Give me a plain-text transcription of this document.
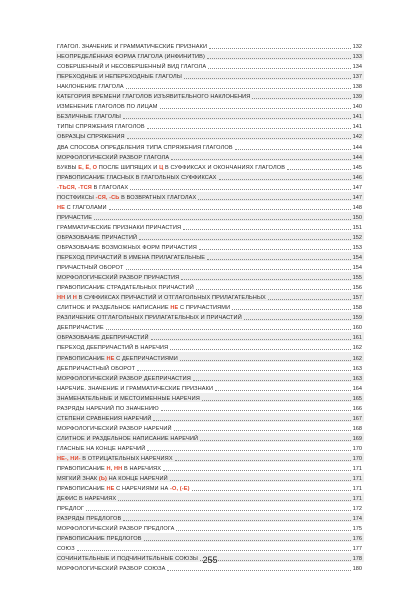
ГЛАГОЛ. ЗНАЧЕНИЕ И ГРАММАТИЧЕСКИЕ ПРИЗНАКИ	132
НЕОПРЕДЕЛЁННАЯ ФОРМА ГЛАГОЛА (ИНФИНИТИВ)	133
СОВЕРШЕННЫЙ И НЕСОВЕРШЕННЫЙ ВИД ГЛАГОЛА	134
ПЕРЕХОДНЫЕ И НЕПЕРЕХОДНЫЕ ГЛАГОЛЫ	137
НАКЛОНЕНИЕ ГЛАГОЛА	138
КАТЕГОРИЯ ВРЕМЕНИ ГЛАГОЛОВ ИЗЪЯВИТЕЛЬНОГО НАКЛОНЕНИЯ	139
ИЗМЕНЕНИЕ ГЛАГОЛОВ ПО ЛИЦАМ	140
БЕЗЛИЧНЫЕ ГЛАГОЛЫ	141
ТИПЫ СПРЯЖЕНИЯ ГЛАГОЛОВ	141
ОБРАЗЦЫ СПРЯЖЕНИЯ	142
ДВА СПОСОБА ОПРЕДЕЛЕНИЯ ТИПА СПРЯЖЕНИЯ ГЛАГОЛОВ	144
МОРФОЛОГИЧЕСКИЙ РАЗБОР ГЛАГОЛА	144
БУКВЫ Е, Ё, О ПОСЛЕ ШИПЯЩИХ И Ц В СУФФИКСАХ И ОКОНЧАНИЯХ ГЛАГОЛОВ	145
ПРАВОПИСАНИЕ ГЛАСНЫХ В ГЛАГОЛЬНЫХ СУФФИКСАХ	146
-ТЬСЯ, -ТСЯ В ГЛАГОЛАХ	147
ПОСТФИКСЫ -СЯ, -СЬ В ВОЗВРАТНЫХ ГЛАГОЛАХ	147
НЕ С ГЛАГОЛАМИ	148
ПРИЧАСТИЕ	150
ГРАММАТИЧЕСКИЕ ПРИЗНАКИ ПРИЧАСТИЯ	151
ОБРАЗОВАНИЕ ПРИЧАСТИЙ	152
ОБРАЗОВАНИЕ ВОЗМОЖНЫХ ФОРМ ПРИЧАСТИЯ	153
ПЕРЕХОД ПРИЧАСТИЙ В ИМЕНА ПРИЛАГАТЕЛЬНЫЕ	154
ПРИЧАСТНЫЙ ОБОРОТ	154
МОРФОЛОГИЧЕСКИЙ РАЗБОР ПРИЧАСТИЯ	155
ПРАВОПИСАНИЕ СТРАДАТЕЛЬНЫХ ПРИЧАСТИЙ	156
НН И Н В СУФФИКСАХ ПРИЧАСТИЙ И ОТГЛАГОЛЬНЫХ ПРИЛАГАТЕЛЬНЫХ	157
СЛИТНОЕ И РАЗДЕЛЬНОЕ НАПИСАНИЕ НЕ С ПРИЧАСТИЯМИ	158
РАЗЛИЧЕНИЕ ОТГЛАГОЛЬНЫХ ПРИЛАГАТЕЛЬНЫХ И ПРИЧАСТИЙ	159
ДЕЕПРИЧАСТИЕ	160
ОБРАЗОВАНИЕ ДЕЕПРИЧАСТИЙ	161
ПЕРЕХОД ДЕЕПРИЧАСТИЙ В НАРЕЧИЯ	162
ПРАВОПИСАНИЕ НЕ С ДЕЕПРИЧАСТИЯМИ	162
ДЕЕПРИЧАСТНЫЙ ОБОРОТ	163
МОРФОЛОГИЧЕСКИЙ РАЗБОР ДЕЕПРИЧАСТИЯ	163
НАРЕЧИЕ. ЗНАЧЕНИЕ И ГРАММАТИЧЕСКИЕ ПРИЗНАКИ	164
ЗНАМЕНАТЕЛЬНЫЕ И МЕСТОИМЕННЫЕ НАРЕЧИЯ	165
РАЗРЯДЫ НАРЕЧИЙ ПО ЗНАЧЕНИЮ	166
СТЕПЕНИ СРАВНЕНИЯ НАРЕЧИЙ	167
МОРФОЛОГИЧЕСКИЙ РАЗБОР НАРЕЧИЙ	168
СЛИТНОЕ И РАЗДЕЛЬНОЕ НАПИСАНИЕ НАРЕЧИЙ	169
ГЛАСНЫЕ НА КОНЦЕ НАРЕЧИЙ	170
НЕ-, НИ- В ОТРИЦАТЕЛЬНЫХ НАРЕЧИЯХ	170
ПРАВОПИСАНИЕ Н, НН В НАРЕЧИЯХ	171
МЯГКИЙ ЗНАК (Ь) НА КОНЦЕ НАРЕЧИЙ	171
ПРАВОПИСАНИЕ НЕ С НАРЕЧИЯМИ НА -О, (-Е)	171
ДЕФИС В НАРЕЧИЯХ	171
ПРЕДЛОГ	172
РАЗРЯДЫ ПРЕДЛОГОВ	174
МОРФОЛОГИЧЕСКИЙ РАЗБОР ПРЕДЛОГА	175
ПРАВОПИСАНИЕ ПРЕДЛОГОВ	176
СОЮЗ	177
СОЧИНИТЕЛЬНЫЕ И ПОДЧИНИТЕЛЬНЫЕ СОЮЗЫ	178
МОРФОЛОГИЧЕСКИЙ РАЗБОР СОЮЗА	180
255
